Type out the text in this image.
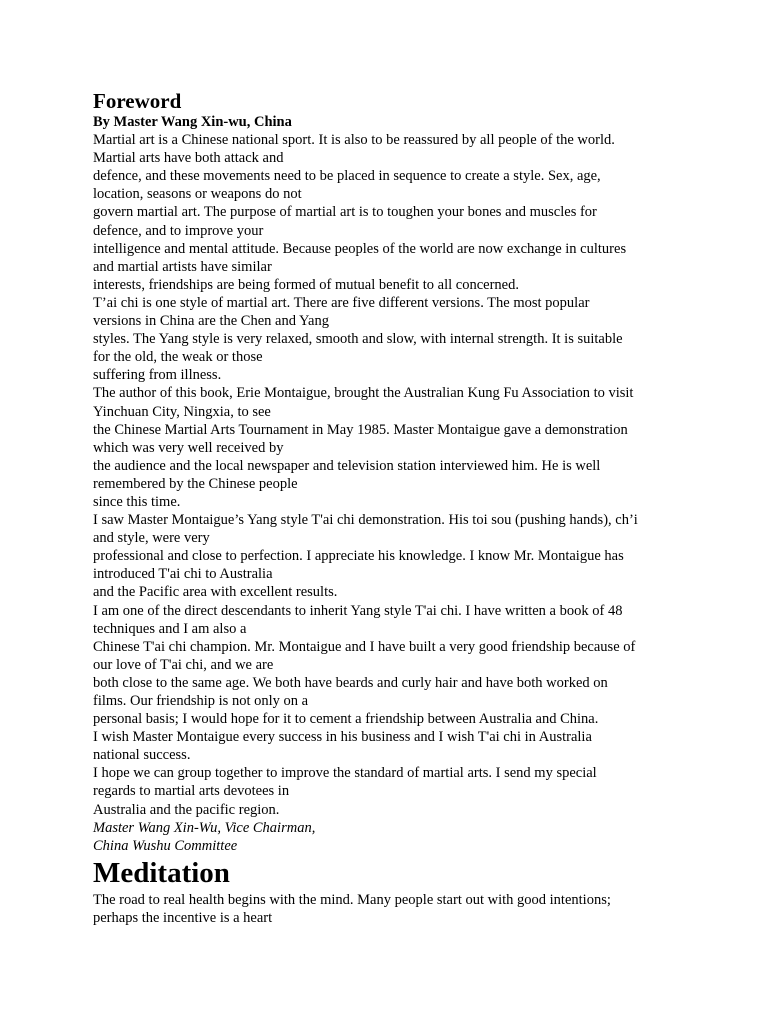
Foreword
By Master Wang Xin-wu, China
Martial art is a Chinese national sport. It is also to be reassured by all people of the world.
Martial arts have both attack and
defence, and these movements need to be placed in sequence to create a style. Sex, age,
location, seasons or weapons do not
govern martial art. The purpose of martial art is to toughen your bones and muscles for
defence, and to improve your
intelligence and mental attitude. Because peoples of the world are now exchange in cultures
and martial artists have similar
interests, friendships are being formed of mutual benefit to all concerned.
T’ai chi is one style of martial art. There are five different versions. The most popular
versions in China are the Chen and Yang
styles. The Yang style is very relaxed, smooth and slow, with internal strength. It is suitable
for the old, the weak or those
suffering from illness.
The author of this book, Erie Montaigue, brought the Australian Kung Fu Association to visit
Yinchuan City, Ningxia, to see
the Chinese Martial Arts Tournament in May 1985. Master Montaigue gave a demonstration
which was very well received by
the audience and the local newspaper and television station interviewed him. He is well
remembered by the Chinese people
since this time.
I saw Master Montaigue’s Yang style T'ai chi demonstration. His toi sou (pushing hands), ch’i
and style, were very
professional and close to perfection. I appreciate his knowledge. I know Mr. Montaigue has
introduced T'ai chi to Australia
and the Pacific area with excellent results.
I am one of the direct descendants to inherit Yang style T'ai chi. I have written a book of 48
techniques and I am also a
Chinese T'ai chi champion. Mr. Montaigue and I have built a very good friendship because of
our love of T'ai chi, and we are
both close to the same age. We both have beards and curly hair and have both worked on
films. Our friendship is not only on a
personal basis; I would hope for it to cement a friendship between Australia and China.
I wish Master Montaigue every success in his business and I wish T'ai chi in Australia
national success.
I hope we can group together to improve the standard of martial arts. I send my special
regards to martial arts devotees in
Australia and the pacific region.
Master Wang Xin-Wu, Vice Chairman,
China Wushu Committee
Meditation
The road to real health begins with the mind. Many people start out with good intentions;
perhaps the incentive is a heart
